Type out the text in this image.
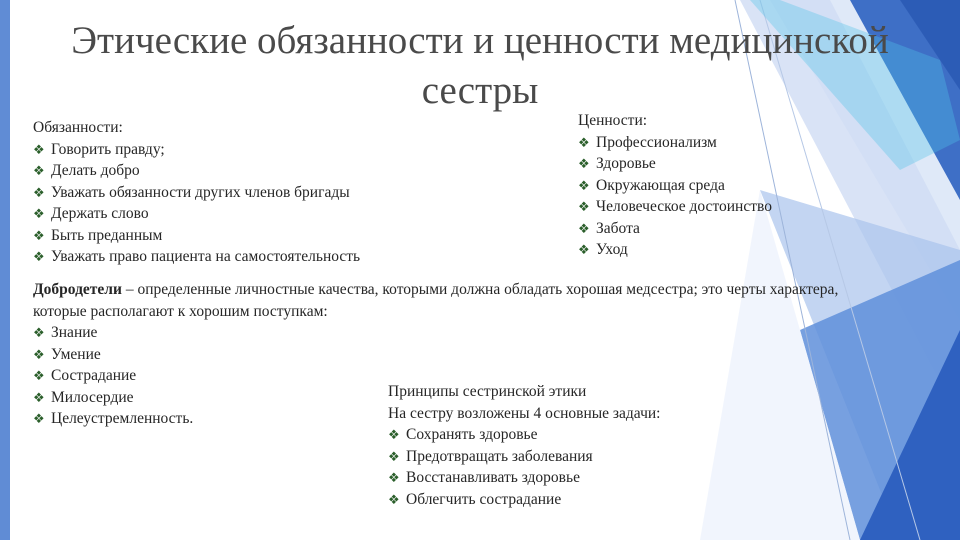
Этические обязанности и ценности медицинской сестры
Обязанности:
❖ Говорить правду;
❖ Делать добро
❖ Уважать обязанности других членов бригады
❖ Держать слово
❖ Быть преданным
❖ Уважать право пациента на самостоятельность
Ценности:
❖ Профессионализм
❖ Здоровье
❖ Окружающая среда
❖ Человеческое достоинство
❖ Забота
❖ Уход
Добродетели – определенные личностные качества, которыми должна обладать хорошая медсестра; это черты характера, которые располагают к хорошим поступкам:
❖ Знание
❖ Умение
❖ Сострадание
❖ Милосердие
❖ Целеустремленность.
Принципы сестринской этики
На сестру возложены 4 основные задачи:
❖ Сохранять здоровье
❖ Предотвращать заболевания
❖ Восстанавливать здоровье
❖ Облегчить сострадание
